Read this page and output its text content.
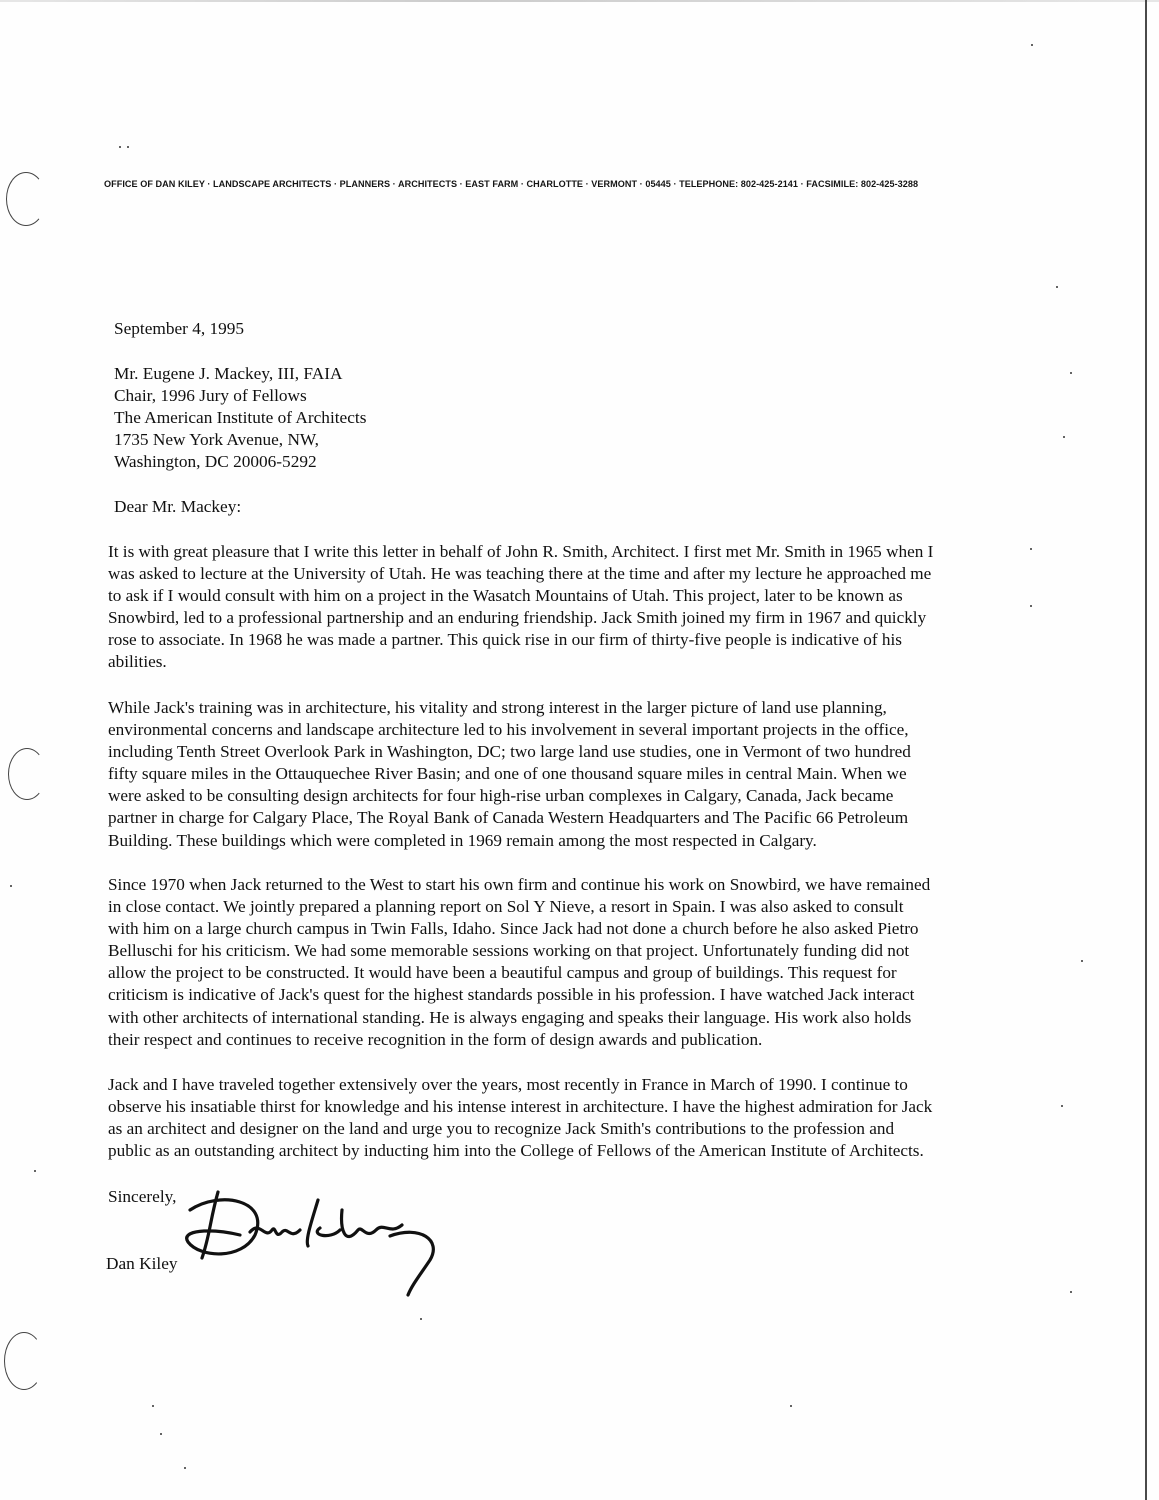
OFFICE OF DAN KILEY · LANDSCAPE ARCHITECTS · PLANNERS · ARCHITECTS · EAST FARM · CHARLOTTE · VERMONT · 05445 · TELEPHONE: 802-425-2141 · FACSIMILE: 802-425-3288
September 4, 1995
Mr. Eugene J. Mackey, III, FAIA
Chair, 1996 Jury of Fellows
The American Institute of Architects
1735 New York Avenue, NW,
Washington, DC 20006-5292
Dear Mr. Mackey:
It is with great pleasure that I write this letter in behalf of John R. Smith, Architect. I first met Mr. Smith in 1965 when I
was asked to lecture at the University of Utah. He was teaching there at the time and after my lecture he approached me
to ask if I would consult with him on a project in the Wasatch Mountains of Utah. This project, later to be known as
Snowbird, led to a professional partnership and an enduring friendship. Jack Smith joined my firm in 1967 and quickly
rose to associate. In 1968 he was made a partner. This quick rise in our firm of thirty-five people is indicative of his
abilities.
While Jack's training was in architecture, his vitality and strong interest in the larger picture of land use planning,
environmental concerns and landscape architecture led to his involvement in several important projects in the office,
including Tenth Street Overlook Park in Washington, DC; two large land use studies, one in Vermont of two hundred
fifty square miles in the Ottauquechee River Basin; and one of one thousand square miles in central Main. When we
were asked to be consulting design architects for four high-rise urban complexes in Calgary, Canada, Jack became
partner in charge for Calgary Place, The Royal Bank of Canada Western Headquarters and The Pacific 66 Petroleum
Building. These buildings which were completed in 1969 remain among the most respected in Calgary.
Since 1970 when Jack returned to the West to start his own firm and continue his work on Snowbird, we have remained
in close contact. We jointly prepared a planning report on Sol Y Nieve, a resort in Spain. I was also asked to consult
with him on a large church campus in Twin Falls, Idaho. Since Jack had not done a church before he also asked Pietro
Belluschi for his criticism. We had some memorable sessions working on that project. Unfortunately funding did not
allow the project to be constructed. It would have been a beautiful campus and group of buildings. This request for
criticism is indicative of Jack's quest for the highest standards possible in his profession. I have watched Jack interact
with other architects of international standing. He is always engaging and speaks their language. His work also holds
their respect and continues to receive recognition in the form of design awards and publication.
Jack and I have traveled together extensively over the years, most recently in France in March of 1990. I continue to
observe his insatiable thirst for knowledge and his intense interest in architecture. I have the highest admiration for Jack
as an architect and designer on the land and urge you to recognize Jack Smith's contributions to the profession and
public as an outstanding architect by inducting him into the College of Fellows of the American Institute of Architects.
Sincerely,
Dan Kiley
